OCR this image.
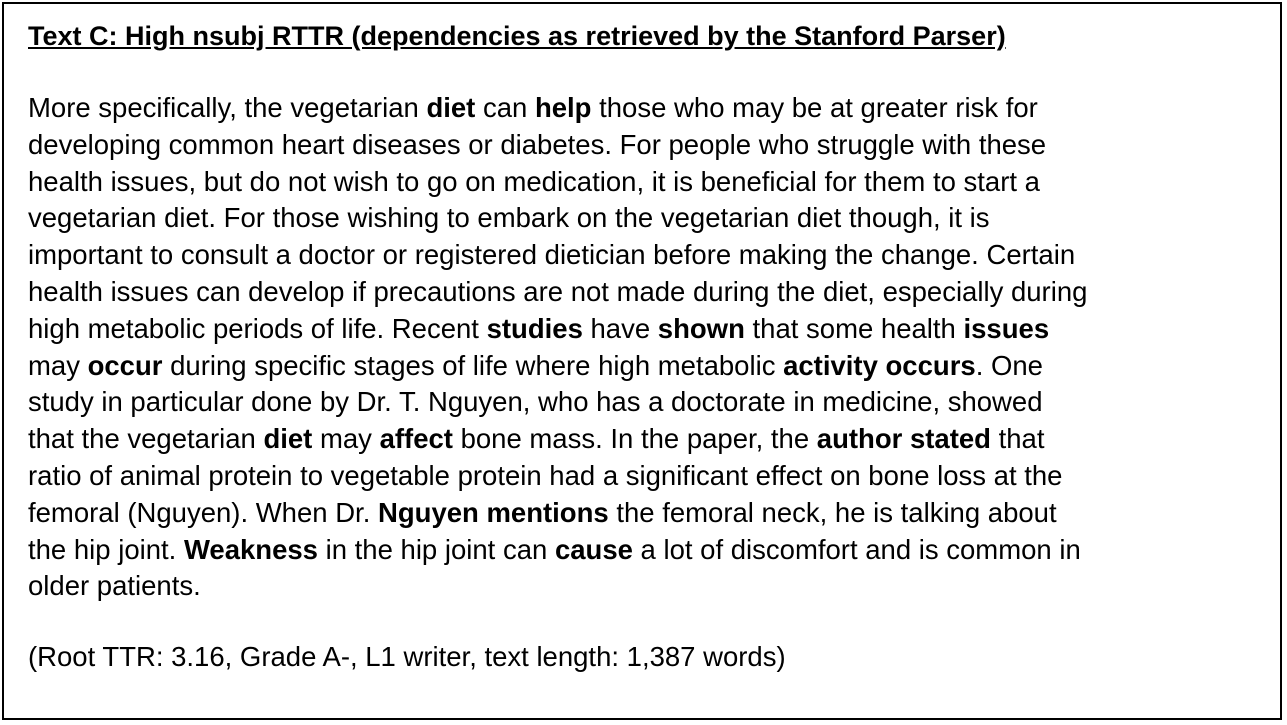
Text C: High nsubj RTTR (dependencies as retrieved by the Stanford Parser)
More specifically, the vegetarian diet can help those who may be at greater risk for
developing common heart diseases or diabetes. For people who struggle with these
health issues, but do not wish to go on medication, it is beneficial for them to start a
vegetarian diet. For those wishing to embark on the vegetarian diet though, it is
important to consult a doctor or registered dietician before making the change. Certain
health issues can develop if precautions are not made during the diet, especially during
high metabolic periods of life. Recent studies have shown that some health issues
may occur during specific stages of life where high metabolic activity occurs. One
study in particular done by Dr. T. Nguyen, who has a doctorate in medicine, showed
that the vegetarian diet may affect bone mass. In the paper, the author stated that
ratio of animal protein to vegetable protein had a significant effect on bone loss at the
femoral (Nguyen). When Dr. Nguyen mentions the femoral neck, he is talking about
the hip joint. Weakness in the hip joint can cause a lot of discomfort and is common in
older patients.
(Root TTR: 3.16, Grade A-, L1 writer, text length: 1,387 words)
